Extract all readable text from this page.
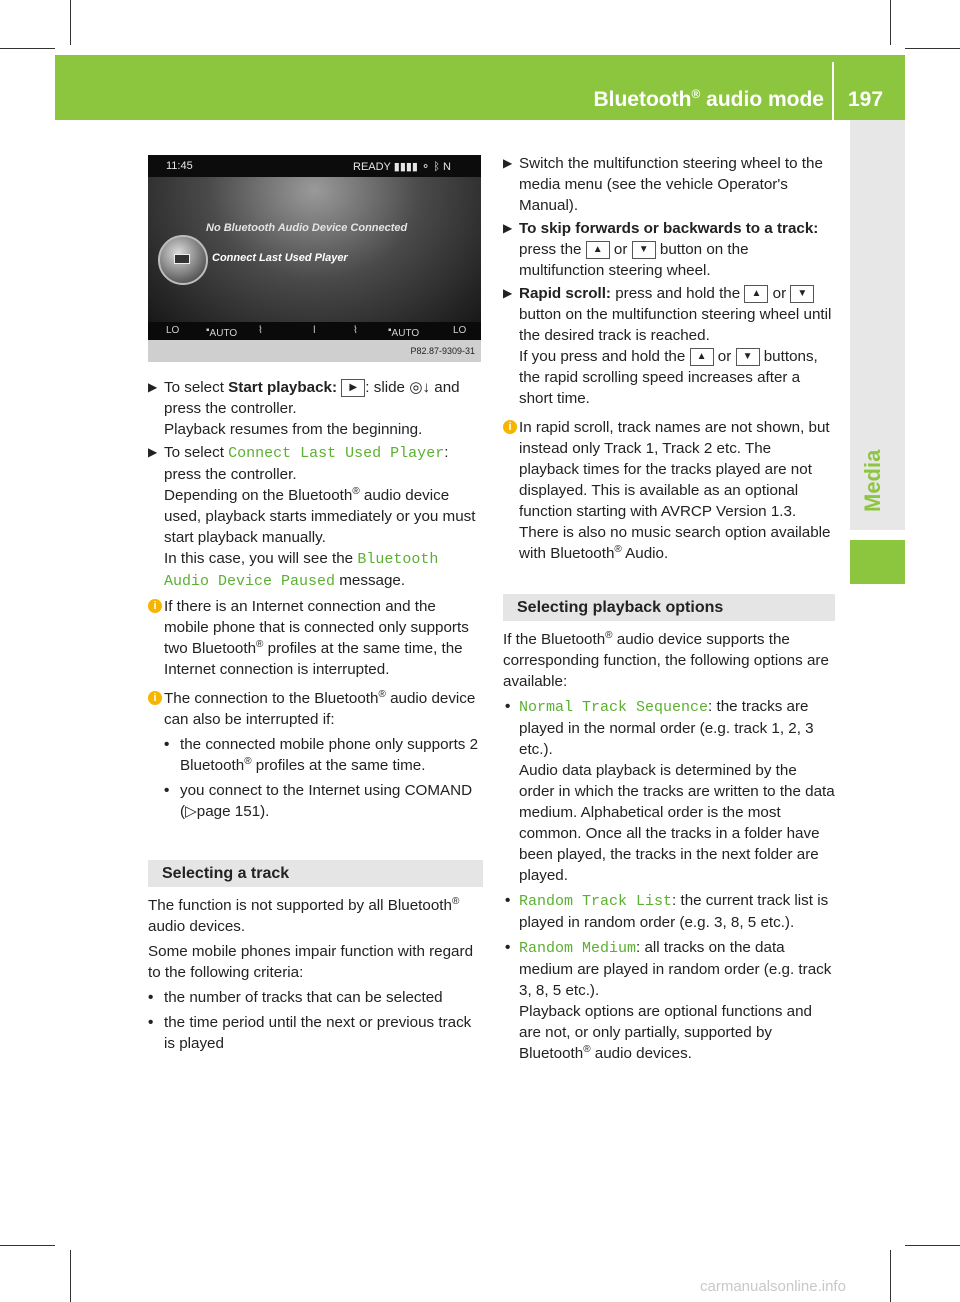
Bluetooth® audio mode 197
Media
11:45	READY ▮▮▮▮ ⚬ ᛒ N
No Bluetooth Audio Device Connected
Connect Last Used Player
LO	▪ AUTO ⌇	ǀ	⌇	▪ AUTO	LO
P82.87-9309-31

▶ To select Start playback: ▶ : slide ◎↓ and press the controller.
Playback resumes from the beginning.

▶ To select Connect Last Used Player:
press the controller.
Depending on the Bluetooth® audio device used, playback starts immediately or you must start playback manually.
In this case, you will see the Bluetooth Audio Device Paused message.

i If there is an Internet connection and the mobile phone that is connected only supports two Bluetooth® profiles at the same time, the Internet connection is interrupted.

i The connection to the Bluetooth® audio device can also be interrupted if:

• the connected mobile phone only supports 2 Bluetooth® profiles at the same time.

• you connect to the Internet using COMAND (▷page 151).

Selecting a track

The function is not supported by all Bluetooth® audio devices.

Some mobile phones impair function with regard to the following criteria:

• the number of tracks that can be selected

• the time period until the next or previous track is played

▶ Switch the multifunction steering wheel to the media menu (see the vehicle Operator's Manual).

▶ To skip forwards or backwards to a track: press the ▲ or ▼ button on the multifunction steering wheel.

▶ Rapid scroll: press and hold the ▲ or ▼ button on the multifunction steering wheel until the desired track is reached.
If you press and hold the ▲ or ▼ buttons, the rapid scrolling speed increases after a short time.

i In rapid scroll, track names are not shown, but instead only Track 1, Track 2 etc. The playback times for the tracks played are not displayed. This is available as an optional function starting with AVRCP Version 1.3. There is also no music search option available with Bluetooth® Audio.

Selecting playback options

If the Bluetooth® audio device supports the corresponding function, the following options are available:

• Normal Track Sequence: the tracks are played in the normal order (e.g. track 1, 2, 3 etc.).
Audio data playback is determined by the order in which the tracks are written to the data medium. Alphabetical order is the most common. Once all the tracks in a folder have been played, the tracks in the next folder are played.

• Random Track List: the current track list is played in random order (e.g. 3, 8, 5 etc.).

• Random Medium: all tracks on the data medium are played in random order (e.g. track 3, 8, 5 etc.).
Playback options are optional functions and are not, or only partially, supported by Bluetooth® audio devices.

carmanualsonline.info
